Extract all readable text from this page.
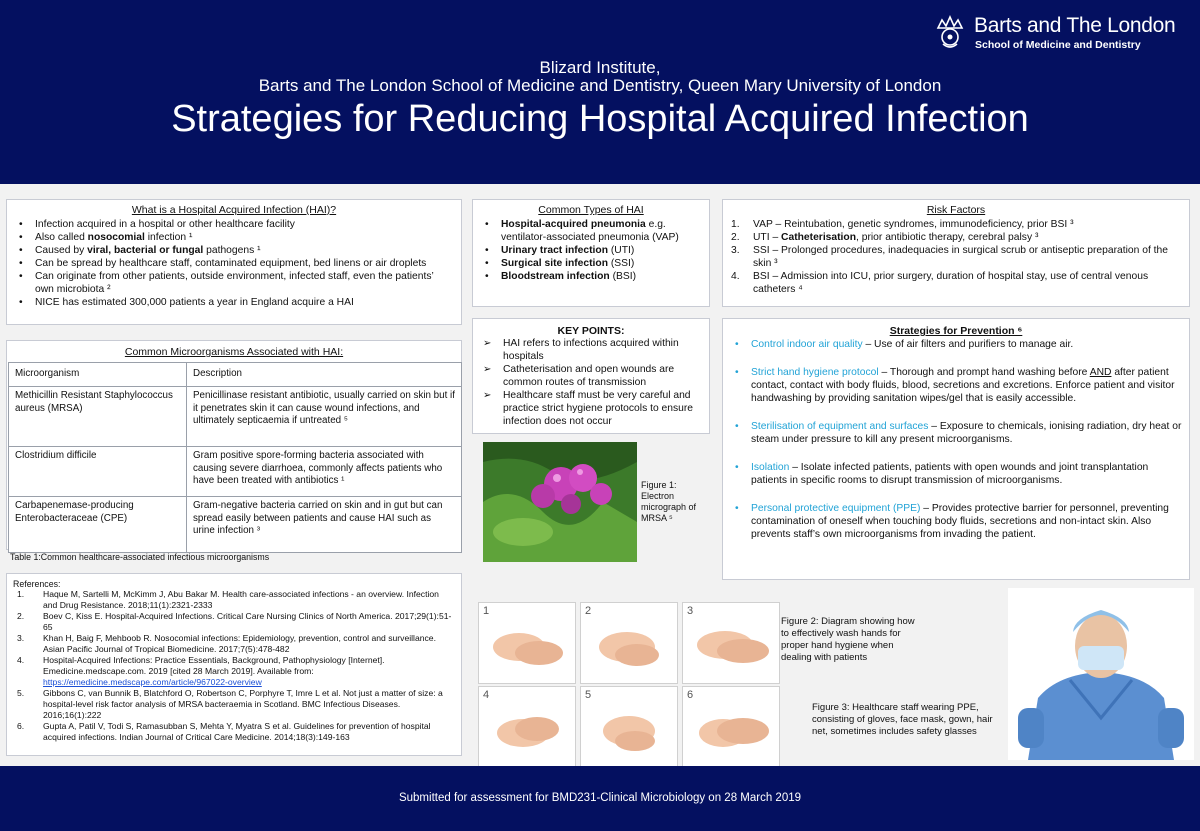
Barts and The London
School of Medicine and Dentistry
Blizard Institute,
Barts and The London School of Medicine and Dentistry, Queen Mary University of London
Strategies for Reducing Hospital Acquired Infection
What is a Hospital Acquired Infection (HAI)?
• Infection acquired in a hospital or other healthcare facility
• Also called nosocomial infection ¹
• Caused by viral, bacterial or fungal pathogens ¹
• Can be spread by healthcare staff, contaminated equipment, bed linens or air droplets
• Can originate from other patients, outside environment, infected staff, even the patients’ own microbiota ²
• NICE has estimated 300,000 patients a year in England acquire a HAI
Common Microorganisms Associated with HAI:
Microorganism	Description
Methicillin Resistant Staphylococcus aureus (MRSA)	Penicillinase resistant antibiotic, usually carried on skin but if it penetrates skin it can cause wound infections, and ultimately septicaemia if untreated ⁵
Clostridium difficile	Gram positive spore-forming bacteria associated with causing severe diarrhoea, commonly affects patients who have been treated with antibiotics ¹
Carbapenemase-producing Enterobacteraceae (CPE)	Gram-negative bacteria carried on skin and in gut but can spread easily between patients and cause HAI such as urine infection ³
Table 1:Common healthcare-associated infectious microorganisms
References:
1. Haque M, Sartelli M, McKimm J, Abu Bakar M. Health care-associated infections - an overview. Infection and Drug Resistance. 2018;11(1):2321-2333
2. Boev C, Kiss E. Hospital-Acquired Infections. Critical Care Nursing Clinics of North America. 2017;29(1):51-65
3. Khan H, Baig F, Mehboob R. Nosocomial infections: Epidemiology, prevention, control and surveillance. Asian Pacific Journal of Tropical Biomedicine. 2017;7(5):478-482
4. Hospital-Acquired Infections: Practice Essentials, Background, Pathophysiology [Internet]. Emedicine.medscape.com. 2019 [cited 28 March 2019]. Available from: https://emedicine.medscape.com/article/967022-overview
5. Gibbons C, van Bunnik B, Blatchford O, Robertson C, Porphyre T, Imre L et al. Not just a matter of size: a hospital-level risk factor analysis of MRSA bacteraemia in Scotland. BMC Infectious Diseases. 2016;16(1):222
6. Gupta A, Patil V, Todi S, Ramasubban S, Mehta Y, Myatra S et al. Guidelines for prevention of hospital acquired infections. Indian Journal of Critical Care Medicine. 2014;18(3):149-163
Common Types of HAI
• Hospital-acquired pneumonia e.g. ventilator-associated pneumonia (VAP)
• Urinary tract infection (UTI)
• Surgical site infection (SSI)
• Bloodstream infection (BSI)
KEY POINTS:
➢ HAI refers to infections acquired within hospitals
➢ Catheterisation and open wounds are common routes of transmission
➢ Healthcare staff must be very careful and practice strict hygiene protocols to ensure infection does not occur
Figure 1: Electron micrograph of MRSA ⁵
Risk Factors
1. VAP – Reintubation, genetic syndromes, immunodeficiency, prior BSI ³
2. UTI – Catheterisation, prior antibiotic therapy, cerebral palsy ³
3. SSI – Prolonged procedures, inadequacies in surgical scrub or antiseptic preparation of the skin ³
4. BSI – Admission into ICU, prior surgery, duration of hospital stay, use of central venous catheters ⁴
Strategies for Prevention ⁶
• Control indoor air quality – Use of air filters and purifiers to manage air.
• Strict hand hygiene protocol – Thorough and prompt hand washing before AND after patient contact, contact with body fluids, blood, secretions and excretions. Enforce patient and visitor handwashing by providing sanitation wipes/gel that is easily accessible.
• Sterilisation of equipment and surfaces – Exposure to chemicals, ionising radiation, dry heat or steam under pressure to kill any present microorganisms.
• Isolation – Isolate infected patients, patients with open wounds and joint transplantation patients in specific rooms to disrupt transmission of microorganisms.
• Personal protective equipment (PPE) – Provides protective barrier for personnel, preventing contamination of oneself when touching body fluids, secretions and non-intact skin. Also prevents staff’s own microorganisms from invading the patient.
1	2	3
4	5	6
Figure 2: Diagram showing how to effectively wash hands for proper hand hygiene when dealing with patients
Figure 3: Healthcare staff wearing PPE, consisting of gloves, face mask, gown, hair net, sometimes includes safety glasses
Submitted for assessment for BMD231-Clinical Microbiology on 28 March 2019
